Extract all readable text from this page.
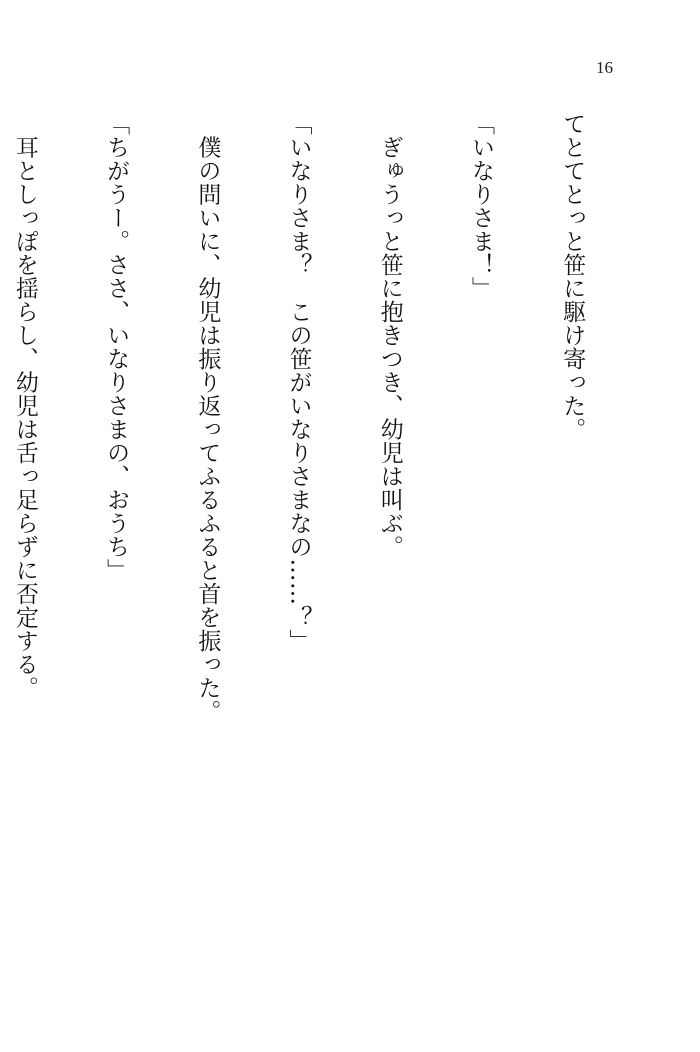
16

てとてとっと笹に駆け寄った。

「いなりさま！」

　ぎゅうっと笹に抱きつき、幼児は叫ぶ。

「いなりさま？　この笹がいなりさまなの……？」

　僕の問いに、幼児は振り返ってふるふると首を振った。

「ちがうー。ささ、いなりさまの、おうち」

　耳としっぽを揺らし、幼児は舌っ足らずに否定する。
